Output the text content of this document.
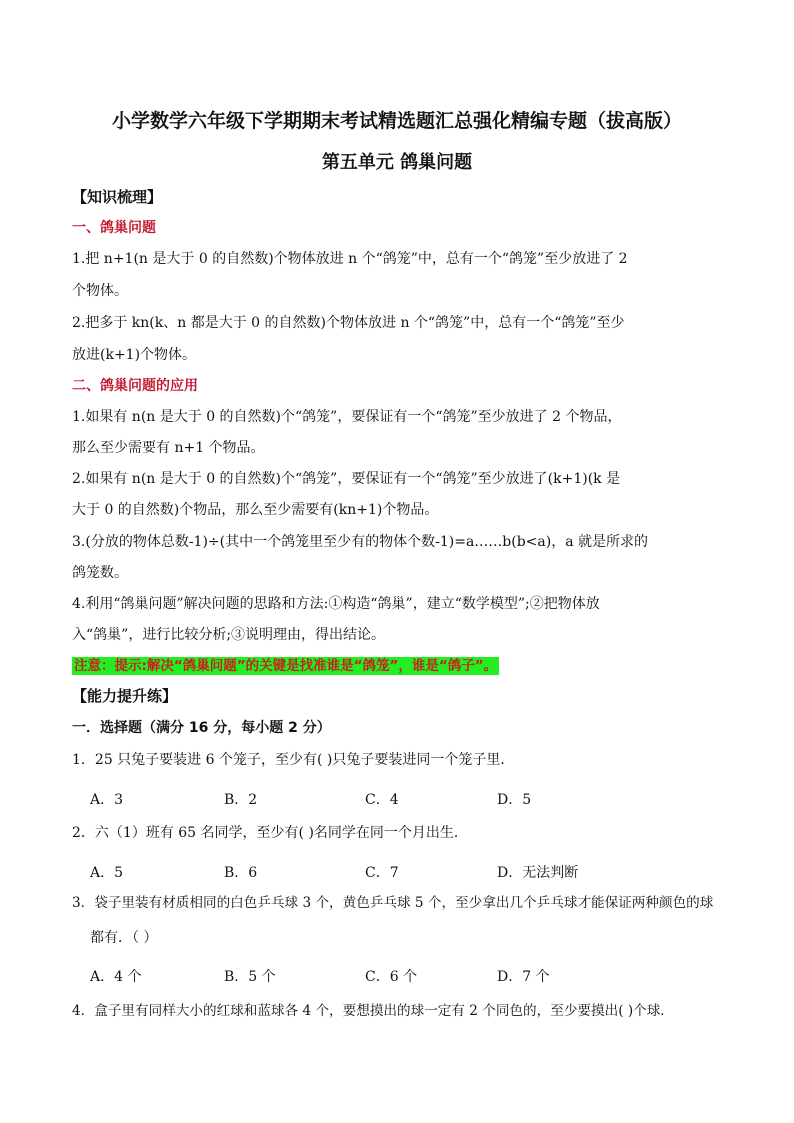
小学数学六年级下学期期末考试精选题汇总强化精编专题（拔高版）
第五单元 鸽巢问题
【知识梳理】
一、鸽巢问题
1.把 n+1(n 是大于 0 的自然数)个物体放进 n 个“鸽笼”中，总有一个“鸽笼”至少放进了 2
个物体。
2.把多于 kn(k、n 都是大于 0 的自然数)个物体放进 n 个“鸽笼”中，总有一个“鸽笼”至少
放进(k+1)个物体。
二、鸽巢问题的应用
1.如果有 n(n 是大于 0 的自然数)个“鸽笼”，要保证有一个“鸽笼”至少放进了 2 个物品，
那么至少需要有 n+1 个物品。
2.如果有 n(n 是大于 0 的自然数)个“鸽笼”，要保证有一个“鸽笼”至少放进了(k+1)(k 是
大于 0 的自然数)个物品，那么至少需要有(kn+1)个物品。
3.(分放的物体总数-1)÷(其中一个鸽笼里至少有的物体个数-1)=a……b(b<a)，a 就是所求的
鸽笼数。
4.利用“鸽巢问题”解决问题的思路和方法:①构造“鸽巢”，建立“数学模型”;②把物体放
入“鸽巢”，进行比较分析;③说明理由，得出结论。
注意：提示:解决“鸽巢问题”的关键是找准谁是“鸽笼”，谁是“鸽子”。
【能力提升练】
一．选择题（满分 16 分，每小题 2 分）
1．25 只兔子要装进 6 个笼子，至少有( )只兔子要装进同一个笼子里．
A．3	B．2	C．4	D．5
2．六（1）班有 65 名同学，至少有( )名同学在同一个月出生．
A．5	B．6	C．7	D．无法判断
3．袋子里装有材质相同的白色乒乓球 3 个，黄色乒乓球 5 个，至少拿出几个乒乓球才能保证两种颜色的球
都有．（ ）
A．4 个	B．5 个	C．6 个	D．7 个
4．盒子里有同样大小的红球和蓝球各 4 个，要想摸出的球一定有 2 个同色的，至少要摸出( )个球．
